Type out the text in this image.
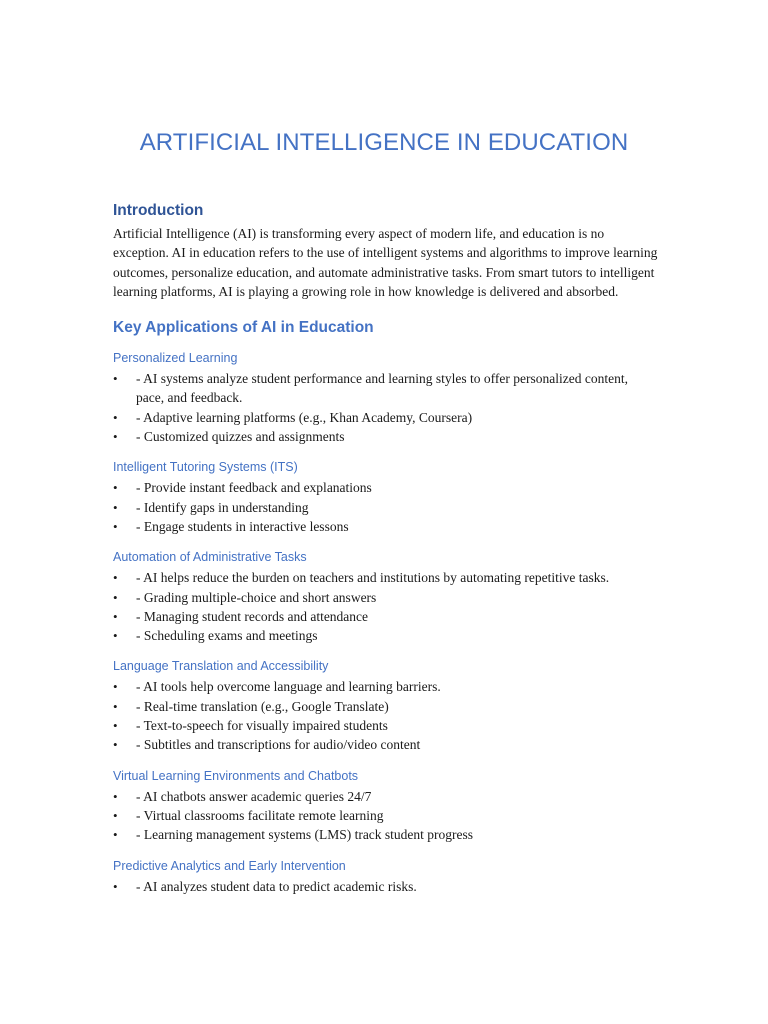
ARTIFICIAL INTELLIGENCE IN EDUCATION
Introduction

Artificial Intelligence (AI) is transforming every aspect of modern life, and education is no exception. AI in education refers to the use of intelligent systems and algorithms to improve learning outcomes, personalize education, and automate administrative tasks. From smart tutors to intelligent learning platforms, AI is playing a growing role in how knowledge is delivered and absorbed.

Key Applications of AI in Education
Personalized Learning
• - AI systems analyze student performance and learning styles to offer personalized content, pace, and feedback.
• - Adaptive learning platforms (e.g., Khan Academy, Coursera)
• - Customized quizzes and assignments
Intelligent Tutoring Systems (ITS)
• - Provide instant feedback and explanations
• - Identify gaps in understanding
• - Engage students in interactive lessons
Automation of Administrative Tasks
• - AI helps reduce the burden on teachers and institutions by automating repetitive tasks.
• - Grading multiple-choice and short answers
• - Managing student records and attendance
• - Scheduling exams and meetings
Language Translation and Accessibility
• - AI tools help overcome language and learning barriers.
• - Real-time translation (e.g., Google Translate)
• - Text-to-speech for visually impaired students
• - Subtitles and transcriptions for audio/video content
Virtual Learning Environments and Chatbots
• - AI chatbots answer academic queries 24/7
• - Virtual classrooms facilitate remote learning
• - Learning management systems (LMS) track student progress
Predictive Analytics and Early Intervention
• - AI analyzes student data to predict academic risks.
